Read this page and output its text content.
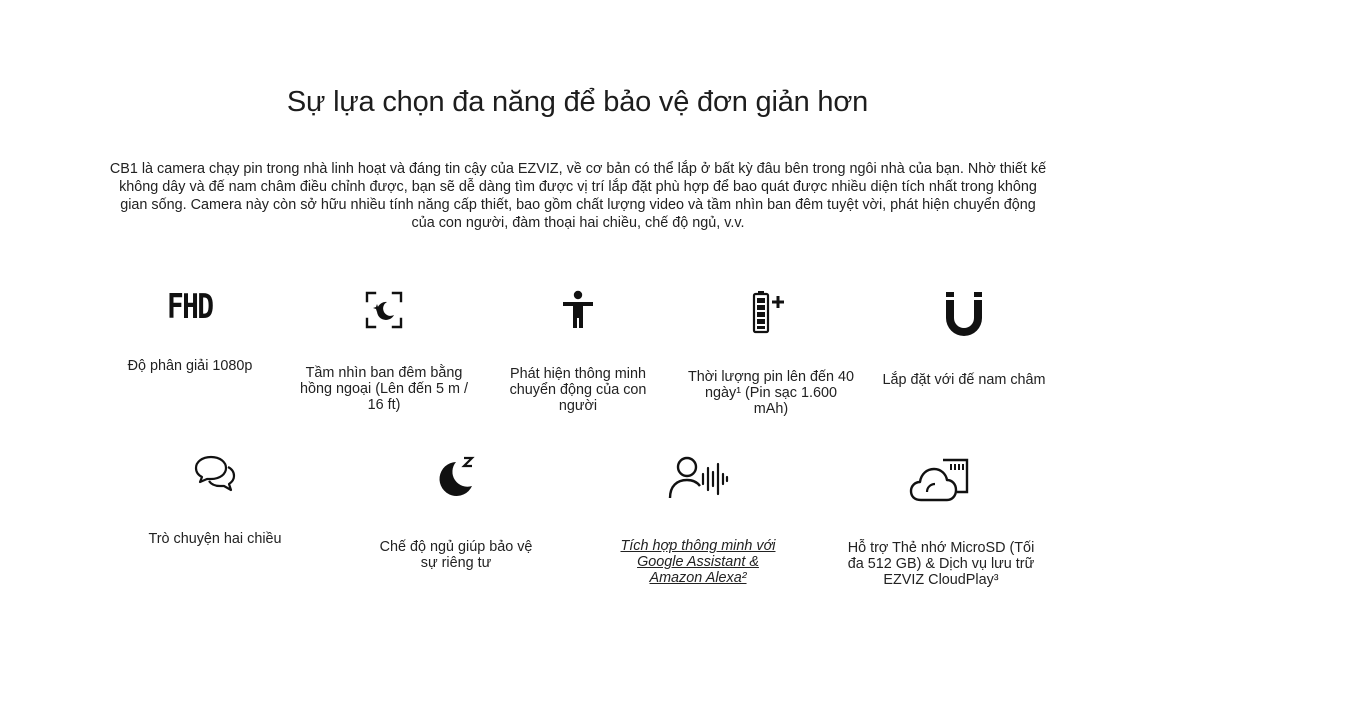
Sự lựa chọn đa năng để bảo vệ đơn giản hơn

CB1 là camera chạy pin trong nhà linh hoạt và đáng tin cậy của EZVIZ, về cơ bản có thể lắp ở bất kỳ đâu bên trong ngôi nhà của bạn. Nhờ thiết kế không dây và đế nam châm điều chỉnh được, bạn sẽ dễ dàng tìm được vị trí lắp đặt phù hợp để bao quát được nhiều diện tích nhất trong không gian sống. Camera này còn sở hữu nhiều tính năng cấp thiết, bao gồm chất lượng video và tầm nhìn ban đêm tuyệt vời, phát hiện chuyển động của con người, đàm thoại hai chiều, chế độ ngủ, v.v.

FHD
Độ phân giải 1080p	Tầm nhìn ban đêm bằng hồng ngoại (Lên đến 5 m / 16 ft)
Phát hiện thông minh chuyển động của con người
Thời lượng pin lên đến 40 ngày¹ (Pin sạc 1.600 mAh)
Lắp đặt với đế nam châm
Trò chuyện hai chiều	Chế độ ngủ giúp bảo vệ sự riêng tư
Tích hợp thông minh với Google Assistant & Amazon Alexa²
Hỗ trợ Thẻ nhớ MicroSD (Tối đa 512 GB) & Dịch vụ lưu trữ EZVIZ CloudPlay³
